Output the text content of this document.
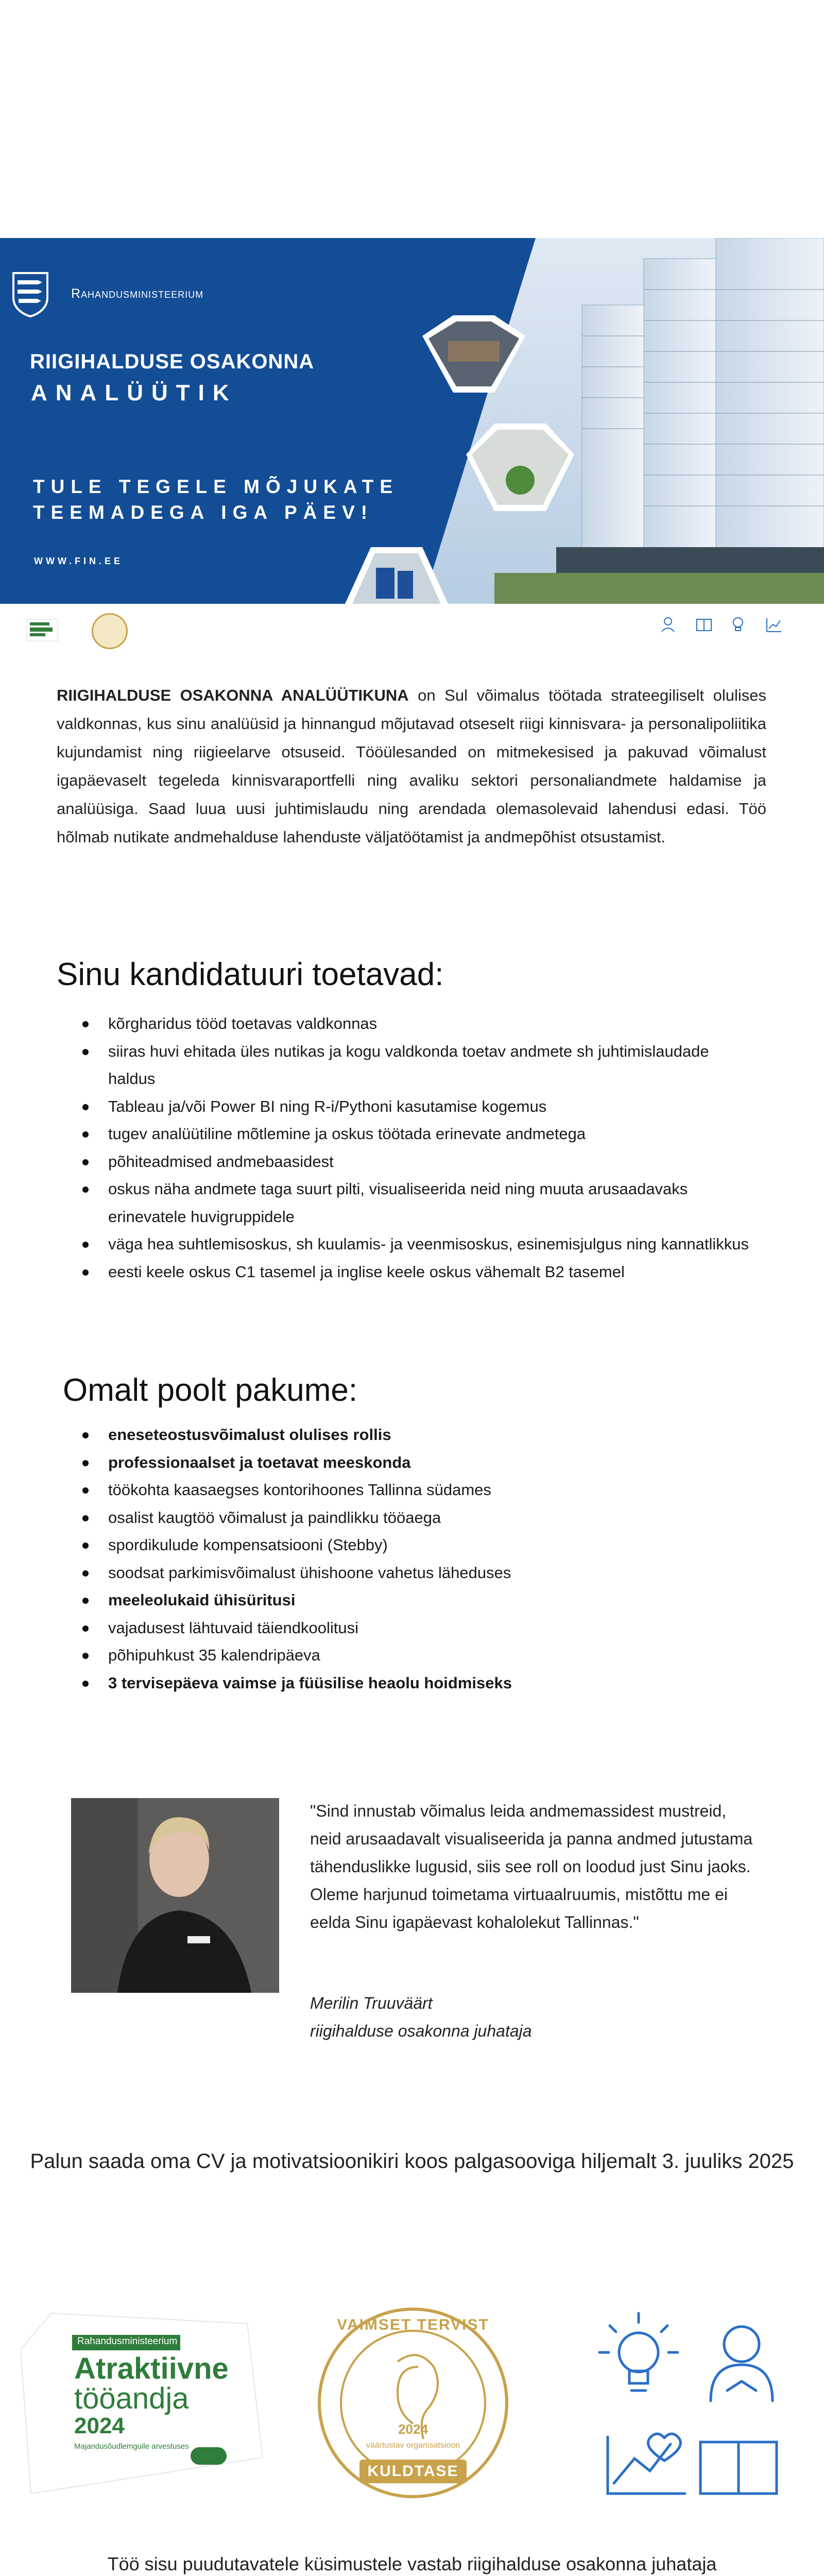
Rahandusministeerium
RIIGIHALDUSE OSAKONNA
ANALÜÜTIK
TULE TEGELE MÕJUKATE
TEEMADEGA IGA PÄEV!
WWW.FIN.EE
RIIGIHALDUSE OSAKONNA ANALÜÜTIKUNA on Sul võimalus töötada strateegiliselt olulises valdkonnas, kus sinu analüüsid ja hinnangud mõjutavad otseselt riigi kinnisvara- ja personalipoliitika kujundamist ning riigieelarve otsuseid. Tööülesanded on mitmekesised ja pakuvad võimalust igapäevaselt tegeleda kinnisvaraportfelli ning avaliku sektori personaliandmete haldamise ja analüüsiga. Saad luua uusi juhtimislaudu ning arendada olemasolevaid lahendusi edasi. Töö hõlmab nutikate andmehalduse lahenduste väljatöötamist ja andmepõhist otsustamist.
Sinu kandidatuuri toetavad:
kõrgharidus tööd toetavas valdkonnas
siiras huvi ehitada üles nutikas ja kogu valdkonda toetav andmete sh juhtimislaudade haldus
Tableau ja/või Power BI ning R-i/Pythoni kasutamise kogemus
tugev analüütiline mõtlemine ja oskus töötada erinevate andmetega
põhiteadmised andmebaasidest
oskus näha andmete taga suurt pilti, visualiseerida neid ning muuta arusaadavaks erinevatele huvigruppidele
väga hea suhtlemisoskus, sh kuulamis- ja veenmisoskus, esinemisjulgus ning kannatlikkus
eesti keele oskus C1 tasemel ja inglise keele oskus vähemalt B2 tasemel
Omalt poolt pakume:
eneseteostusvõimalust olulises rollis
professionaalset ja toetavat meeskonda
töökohta kaasaegses kontorihoones Tallinna südames
osalist kaugtöö võimalust ja paindlikku tööaega
spordikulude kompensatsiooni (Stebby)
soodsat parkimisvõimalust ühishoone vahetus läheduses
meeleolukaid ühisüritusi
vajadusest lähtuvaid täiendkoolitusi
põhipuhkust 35 kalendripäeva
3 tervisepäeva vaimse ja füüsilise heaolu hoidmiseks
"Sind innustab võimalus leida andmemassidest mustreid, neid arusaadavalt visualiseerida ja panna andmed jutustama tähenduslikke lugusid, siis see roll on loodud just Sinu jaoks. Oleme harjunud toimetama virtuaalruumis, mistõttu me ei eelda Sinu igapäevast kohalolekut Tallinnas."
Merilin Truuväärt
riigihalduse osakonna juhataja
Palun saada oma CV ja motivatsioonikiri koos palgasooviga hiljemalt 3. juuliks 2025
Rahandusministeerium
Atraktiivne
tööandja
2024
Majandusõudlemguile arvestuses
VAIMSET TERVIST
2024
väärtustav organisatsioon
KULDTASE
Töö sisu puudutavatele küsimustele vastab riigihalduse osakonna juhataja
